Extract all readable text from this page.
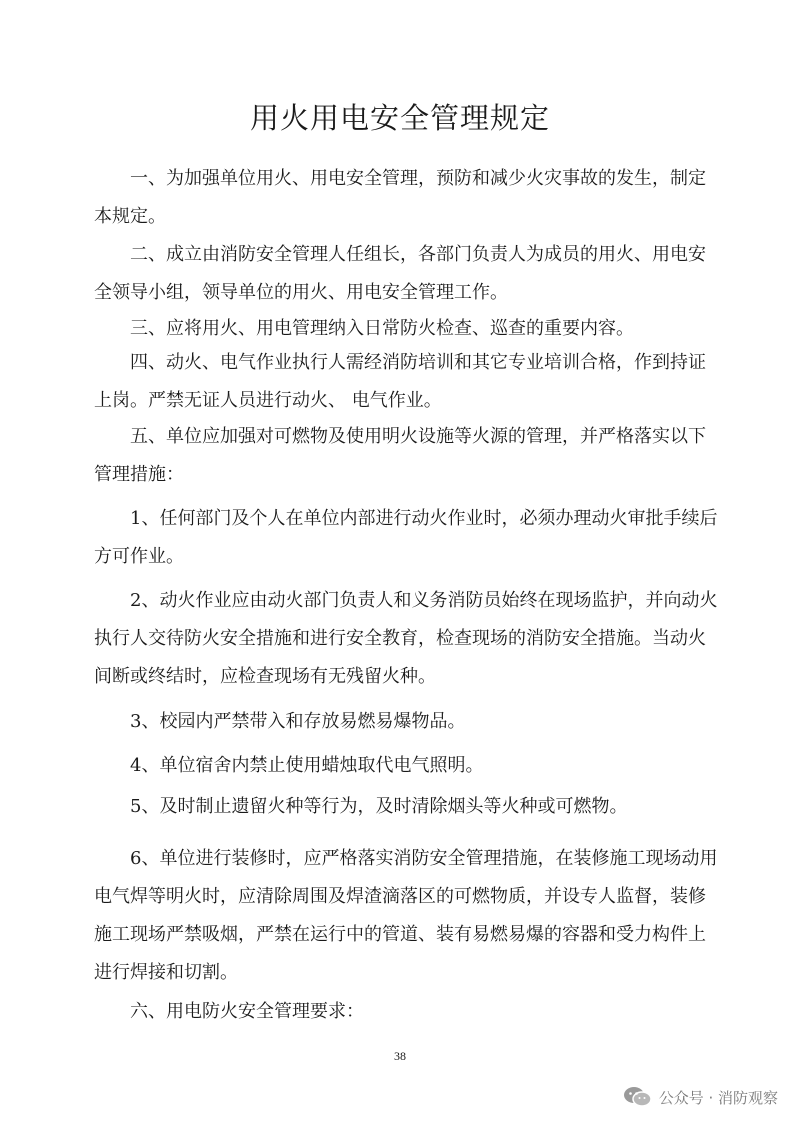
用火用电安全管理规定

　　一、为加强单位用火、用电安全管理，预防和减少火灾事故的发生，制定本规定。

　　二、成立由消防安全管理人任组长，各部门负责人为成员的用火、用电安全领导小组，领导单位的用火、用电安全管理工作。

　　三、应将用火、用电管理纳入日常防火检查、巡查的重要内容。

　　四、动火、电气作业执行人需经消防培训和其它专业培训合格，作到持证上岗。严禁无证人员进行动火、 电气作业。

　　五、单位应加强对可燃物及使用明火设施等火源的管理，并严格落实以下管理措施：

　　1、任何部门及个人在单位内部进行动火作业时，必须办理动火审批手续后方可作业。

　　2、动火作业应由动火部门负责人和义务消防员始终在现场监护，并向动火执行人交待防火安全措施和进行安全教育，检查现场的消防安全措施。当动火间断或终结时，应检查现场有无残留火种。

　　3、校园内严禁带入和存放易燃易爆物品。

　　4、单位宿舍内禁止使用蜡烛取代电气照明。

　　5、及时制止遗留火种等行为，及时清除烟头等火种或可燃物。

　　6、单位进行装修时，应严格落实消防安全管理措施，在装修施工现场动用电气焊等明火时，应清除周围及焊渣滴落区的可燃物质，并设专人监督，装修施工现场严禁吸烟，严禁在运行中的管道、装有易燃易爆的容器和受力构件上进行焊接和切割。

　　六、用电防火安全管理要求：

38
公众号 · 消防观察
